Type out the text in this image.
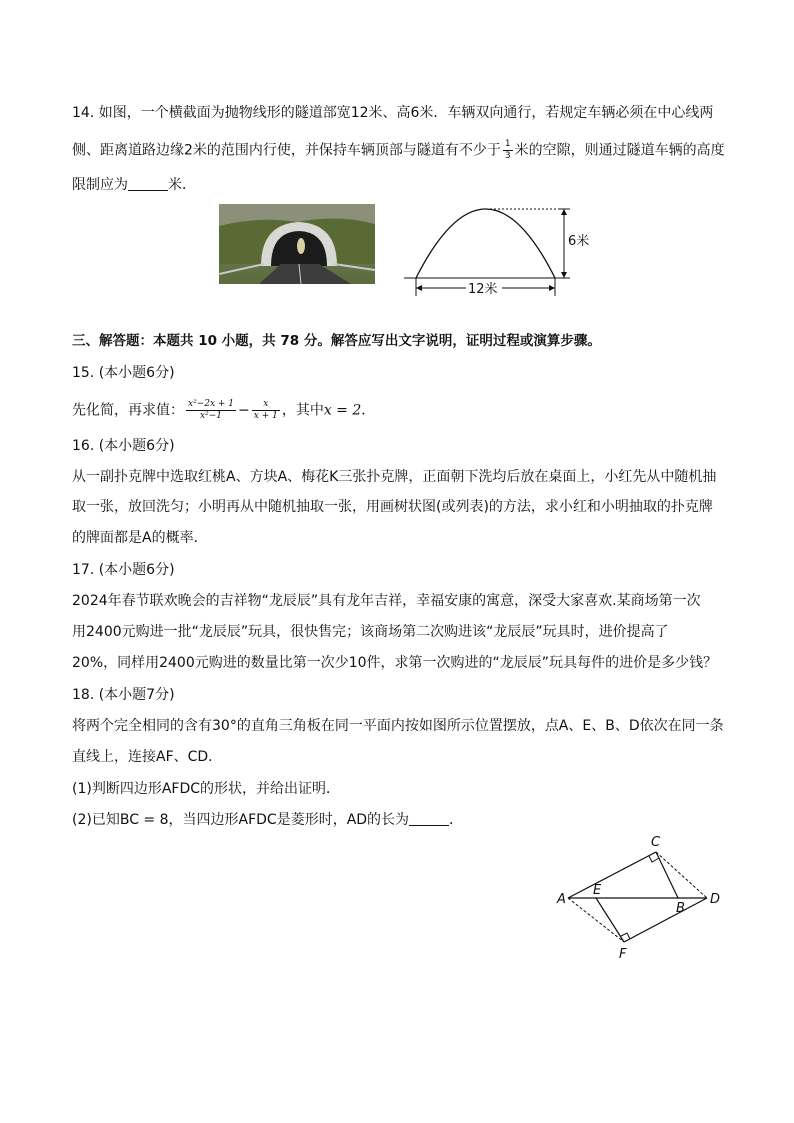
14. 如图，一个横截面为抛物线形的隧道部宽12米、高6米．车辆双向通行，若规定车辆必须在中心线两
侧、距离道路边缘2米的范围内行使，并保持车辆顶部与隧道有不少于 $\frac{1}{3}$ 米的空隙，则通过隧道车辆的高度
限制应为	米．
6米
12米
三、解答题：本题共 10 小题，共 78 分。解答应写出文字说明，证明过程或演算步骤。
15. (本小题6分)
先化简，再求值： $\frac{\text{x²−2x + 1}}{\text{x²−1}} - \frac{x}{x + 1}$ ，其中x = 2．
16. (本小题6分)
从一副扑克牌中选取红桃A、方块A、梅花K三张扑克牌，正面朝下洗均后放在桌面上，小红先从中随机抽
取一张，放回洗匀；小明再从中随机抽取一张，用画树状图(或列表)的方法，求小红和小明抽取的扑克牌
的牌面都是A的概率．
17. (本小题6分)
2024年春节联欢晚会的吉祥物“龙辰辰”具有龙年吉祥，幸福安康的寓意，深受大家喜欢.某商场第一次
用2400元购进一批“龙辰辰”玩具，很快售完；该商场第二次购进该“龙辰辰”玩具时，进价提高了
20%，同样用2400元购进的数量比第一次少10件，求第一次购进的“龙辰辰”玩具每件的进价是多少钱？
18. (本小题7分)
将两个完全相同的含有30°的直角三角板在同一平面内按如图所示位置摆放，点A、E、B、D依次在同一条
直线上，连接AF、CD．
(1)判断四边形AFDC的形状，并给出证明．
(2)已知BC = 8，当四边形AFDC是菱形时，AD的长为	．
C
A
E
B
D
F
